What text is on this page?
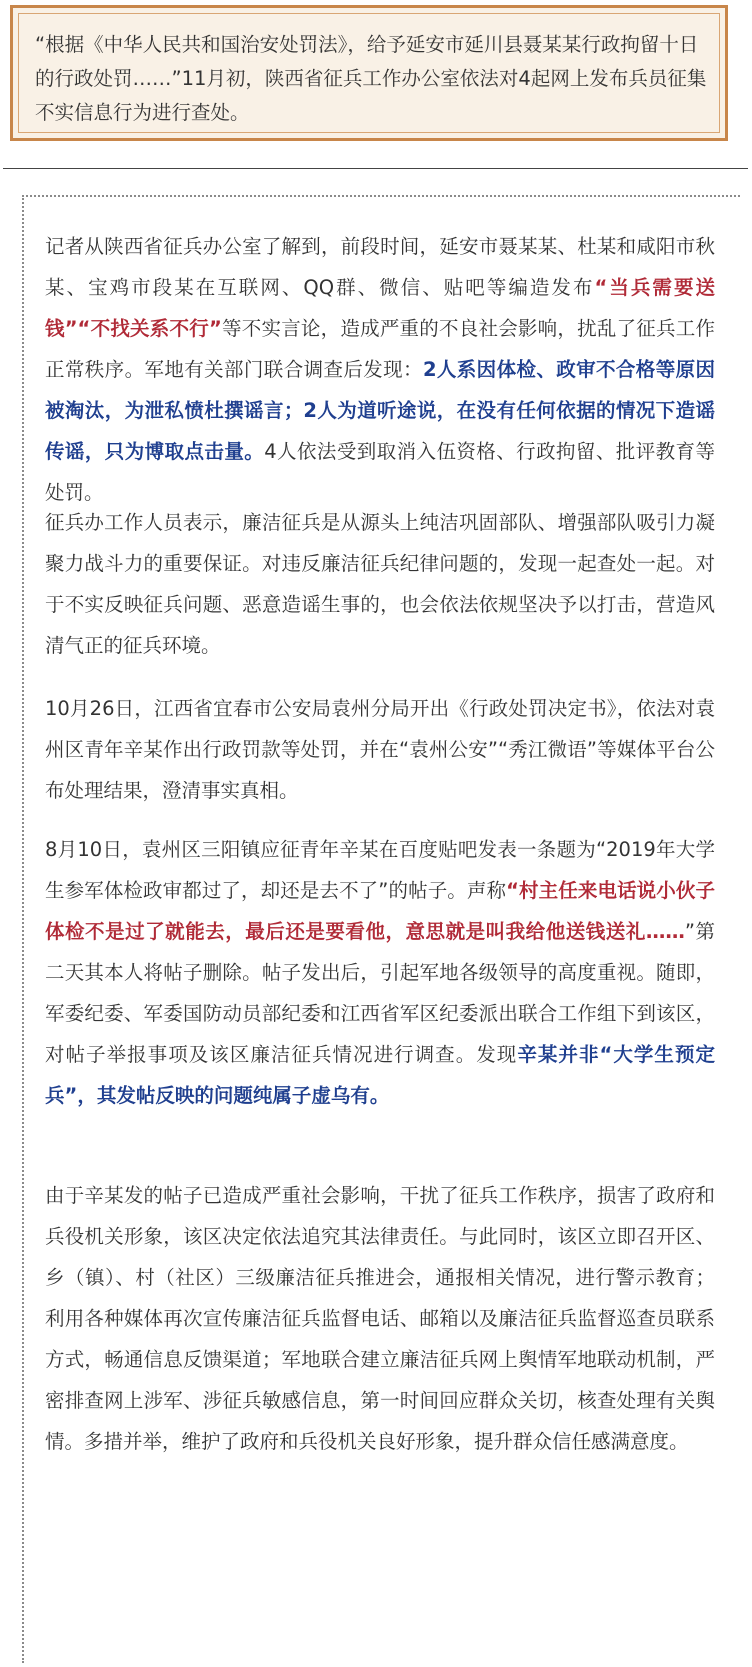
“根据《中华人民共和国治安处罚法》，给予延安市延川县聂某某行政拘留十日的行政处罚……”11月初，陕西省征兵工作办公室依法对4起网上发布兵员征集不实信息行为进行查处。

记者从陕西省征兵办公室了解到，前段时间，延安市聂某某、杜某和咸阳市秋某、宝鸡市段某在互联网、QQ群、微信、贴吧等编造发布“当兵需要送钱”“不找关系不行”等不实言论，造成严重的不良社会影响，扰乱了征兵工作正常秩序。军地有关部门联合调查后发现：2人系因体检、政审不合格等原因被淘汰，为泄私愤杜撰谣言；2人为道听途说，在没有任何依据的情况下造谣传谣，只为博取点击量。4人依法受到取消入伍资格、行政拘留、批评教育等处罚。

征兵办工作人员表示，廉洁征兵是从源头上纯洁巩固部队、增强部队吸引力凝聚力战斗力的重要保证。对违反廉洁征兵纪律问题的，发现一起查处一起。对于不实反映征兵问题、恶意造谣生事的，也会依法依规坚决予以打击，营造风清气正的征兵环境。

10月26日，江西省宜春市公安局袁州分局开出《行政处罚决定书》，依法对袁州区青年辛某作出行政罚款等处罚，并在“袁州公安”“秀江微语”等媒体平台公布处理结果，澄清事实真相。

8月10日，袁州区三阳镇应征青年辛某在百度贴吧发表一条题为“2019年大学生参军体检政审都过了，却还是去不了”的帖子。声称“村主任来电话说小伙子体检不是过了就能去，最后还是要看他，意思就是叫我给他送钱送礼……”第二天其本人将帖子删除。帖子发出后，引起军地各级领导的高度重视。随即，军委纪委、军委国防动员部纪委和江西省军区纪委派出联合工作组下到该区，对帖子举报事项及该区廉洁征兵情况进行调查。发现辛某并非“大学生预定兵”，其发帖反映的问题纯属子虚乌有。

由于辛某发的帖子已造成严重社会影响，干扰了征兵工作秩序，损害了政府和兵役机关形象，该区决定依法追究其法律责任。与此同时，该区立即召开区、乡（镇）、村（社区）三级廉洁征兵推进会，通报相关情况，进行警示教育；利用各种媒体再次宣传廉洁征兵监督电话、邮箱以及廉洁征兵监督巡查员联系方式，畅通信息反馈渠道；军地联合建立廉洁征兵网上舆情军地联动机制，严密排查网上涉军、涉征兵敏感信息，第一时间回应群众关切，核查处理有关舆情。多措并举，维护了政府和兵役机关良好形象，提升群众信任感满意度。
